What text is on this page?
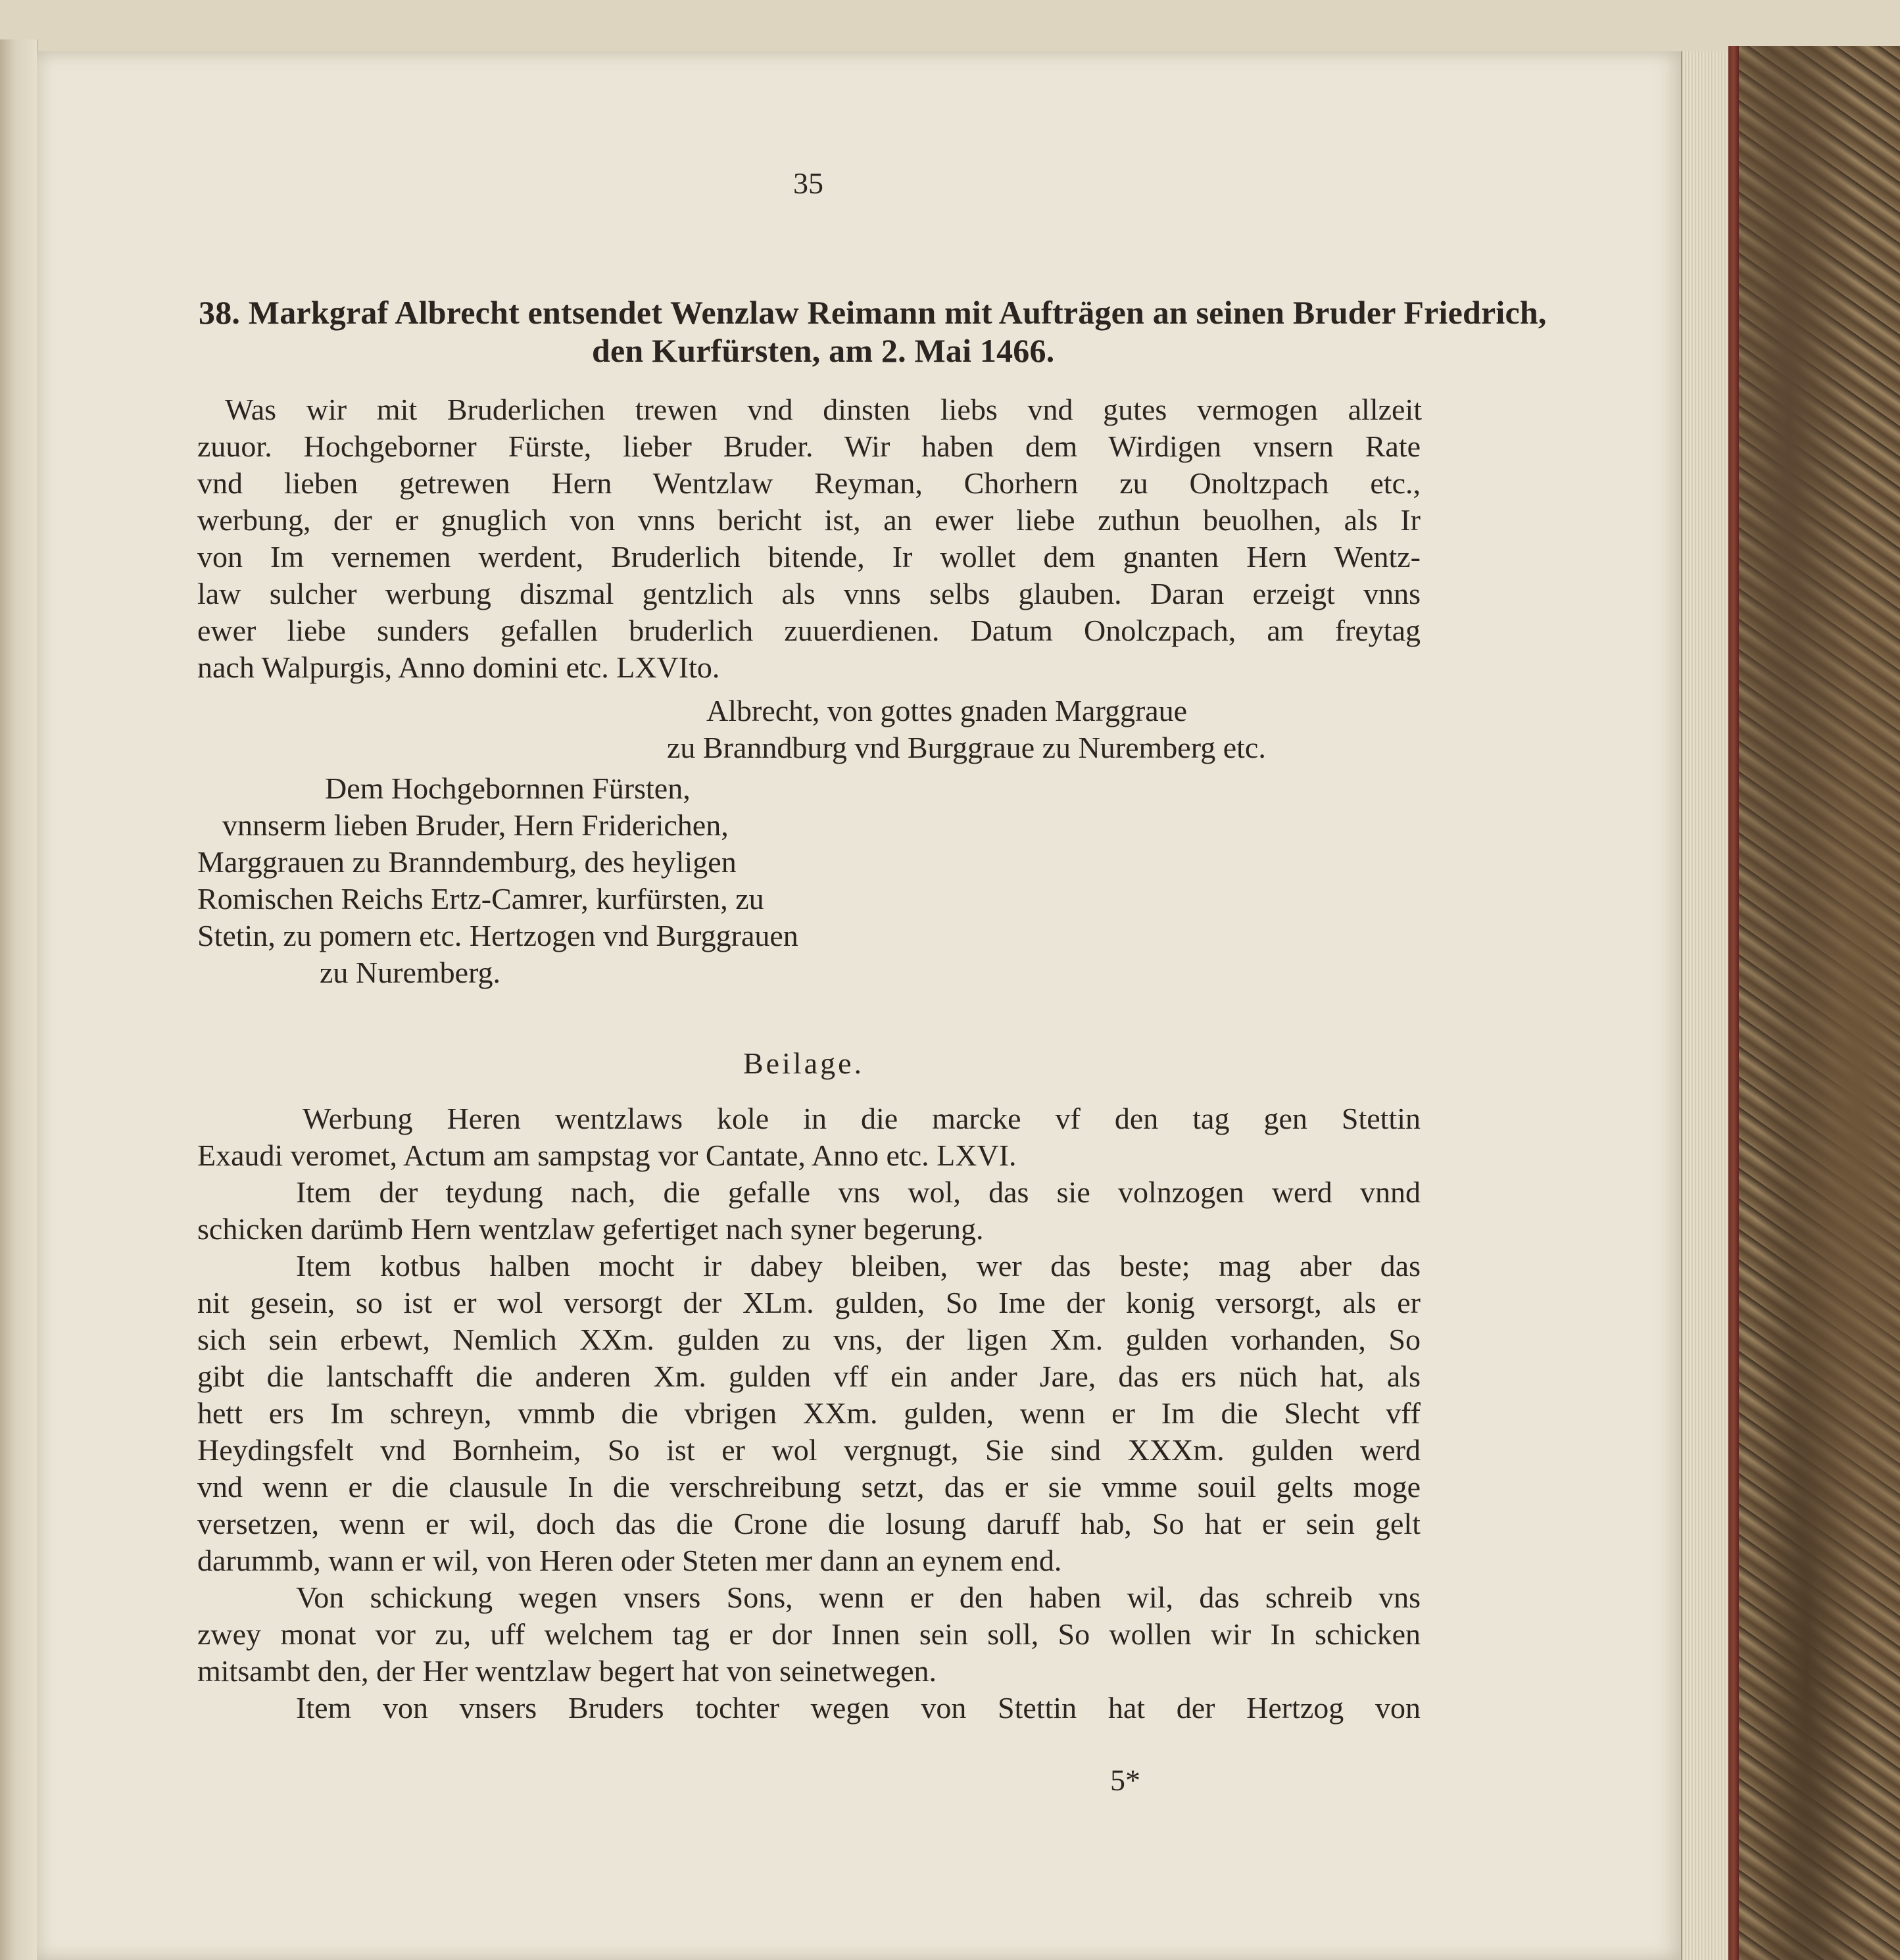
35
38. Markgraf Albrecht entsendet Wenzlaw Reimann mit Aufträgen an seinen Bruder Friedrich,
den Kurfürsten, am 2. Mai 1466.
Was wir mit Bruderlichen trewen vnd dinsten liebs vnd gutes vermogen allzeit
zuuor. Hochgeborner Fürste, lieber Bruder. Wir haben dem Wirdigen vnsern Rate
vnd lieben getrewen Hern Wentzlaw Reyman, Chorhern zu Onoltzpach etc.,
werbung, der er gnuglich von vnns bericht ist, an ewer liebe zuthun beuolhen, als Ir
von Im vernemen werdent, Bruderlich bitende, Ir wollet dem gnanten Hern Wentz-
law sulcher werbung diszmal gentzlich als vnns selbs glauben. Daran erzeigt vnns
ewer liebe sunders gefallen bruderlich zuuerdienen. Datum Onolczpach, am freytag
nach Walpurgis, Anno domini etc. LXVIto.
Albrecht, von gottes gnaden Marggraue
zu Branndburg vnd Burggraue zu Nuremberg etc.
Dem Hochgebornnen Fürsten,
vnnserm lieben Bruder, Hern Friderichen,
Marggrauen zu Branndemburg, des heyligen
Romischen Reichs Ertz-Camrer, kurfürsten, zu
Stetin, zu pomern etc. Hertzogen vnd Burggrauen
zu Nuremberg.
Beilage.
Werbung Heren wentzlaws kole in die marcke vf den tag gen Stettin
Exaudi veromet, Actum am sampstag vor Cantate, Anno etc. LXVI.
Item der teydung nach, die gefalle vns wol, das sie volnzogen werd vnnd
schicken darümb Hern wentzlaw gefertiget nach syner begerung.
Item kotbus halben mocht ir dabey bleiben, wer das beste; mag aber das
nit gesein, so ist er wol versorgt der XLm. gulden, So Ime der konig versorgt, als er
sich sein erbewt, Nemlich XXm. gulden zu vns, der ligen Xm. gulden vorhanden, So
gibt die lantschafft die anderen Xm. gulden vff ein ander Jare, das ers nüch hat, als
hett ers Im schreyn, vmmb die vbrigen XXm. gulden, wenn er Im die Slecht vff
Heydingsfelt vnd Bornheim, So ist er wol vergnugt, Sie sind XXXm. gulden werd
vnd wenn er die clausule In die verschreibung setzt, das er sie vmme souil gelts moge
versetzen, wenn er wil, doch das die Crone die losung daruff hab, So hat er sein gelt
darummb, wann er wil, von Heren oder Steten mer dann an eynem end.
Von schickung wegen vnsers Sons, wenn er den haben wil, das schreib vns
zwey monat vor zu, uff welchem tag er dor Innen sein soll, So wollen wir In schicken
mitsambt den, der Her wentzlaw begert hat von seinetwegen.
Item von vnsers Bruders tochter wegen von Stettin hat der Hertzog von
5*
